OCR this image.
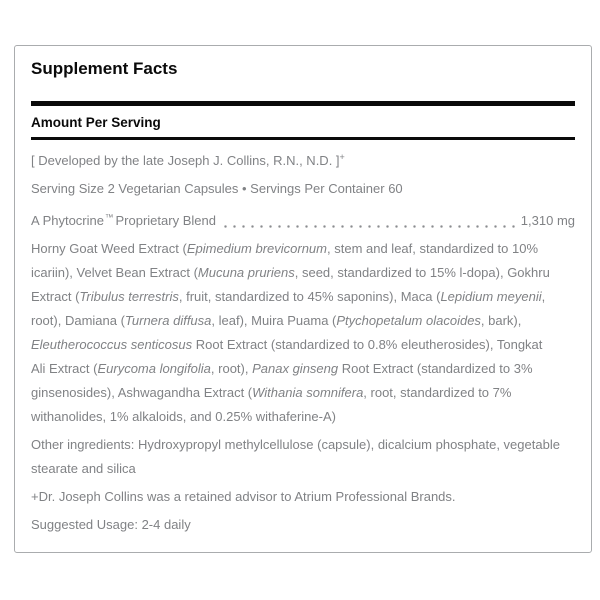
Supplement Facts
Amount Per Serving

[ Developed by the late Joseph J. Collins, R.N., N.D. ]+

Serving Size 2 Vegetarian Capsules • Servings Per Container 60

A Phytocrine™ Proprietary Blend	1,310 mg

Horny Goat Weed Extract (Epimedium brevicornum, stem and leaf, standardized to 10% icariin), Velvet Bean Extract (Mucuna pruriens, seed, standardized to 15% l-dopa), Gokhru Extract (Tribulus terrestris, fruit, standardized to 45% saponins), Maca (Lepidium meyenii, root), Damiana (Turnera diffusa, leaf), Muira Puama (Ptychopetalum olacoides, bark), Eleutherococcus senticosus Root Extract (standardized to 0.8% eleutherosides), Tongkat Ali Extract (Eurycoma longifolia, root), Panax ginseng Root Extract (standardized to 3% ginsenosides), Ashwagandha Extract (Withania somnifera, root, standardized to 7% withanolides, 1% alkaloids, and 0.25% withaferine-A)

Other ingredients: Hydroxypropyl methylcellulose (capsule), dicalcium phosphate, vegetable stearate and silica

+Dr. Joseph Collins was a retained advisor to Atrium Professional Brands.

Suggested Usage: 2-4 daily
